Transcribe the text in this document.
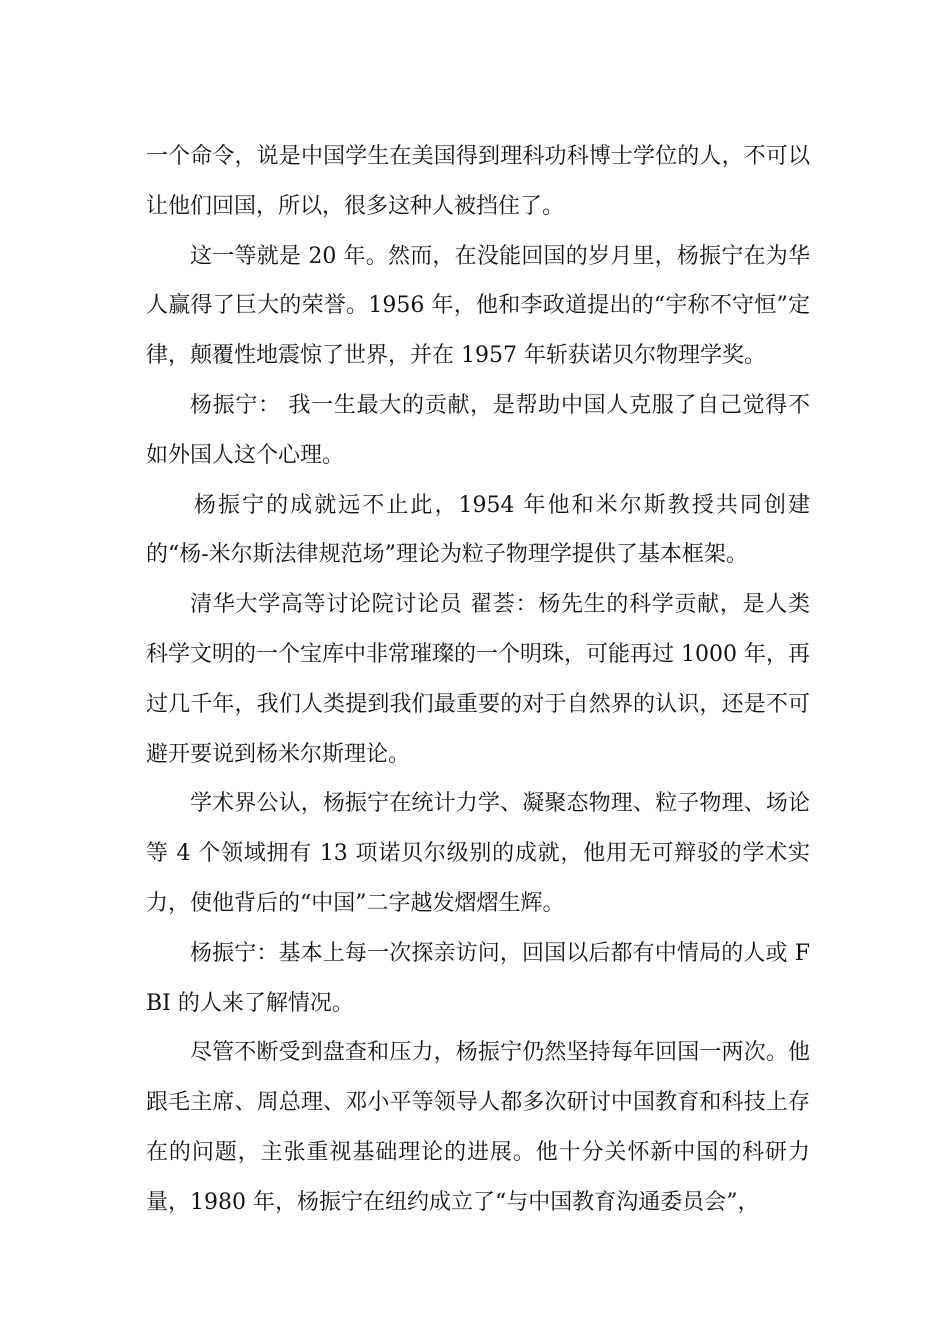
一个命令，说是中国学生在美国得到理科功科博士学位的人，不可以让他们回国，所以，很多这种人被挡住了。

这一等就是 20 年。然而，在没能回国的岁月里，杨振宁在为华人赢得了巨大的荣誉。1956 年，他和李政道提出的“宇称不守恒”定律，颠覆性地震惊了世界，并在 1957 年斩获诺贝尔物理学奖。

杨振宁： 我一生最大的贡献，是帮助中国人克服了自己觉得不如外国人这个心理。

杨振宁的成就远不止此，1954 年他和米尔斯教授共同创建的“杨-米尔斯法律规范场”理论为粒子物理学提供了基本框架。

清华大学高等讨论院讨论员 翟荟：杨先生的科学贡献，是人类科学文明的一个宝库中非常璀璨的一个明珠，可能再过 1000 年，再过几千年，我们人类提到我们最重要的对于自然界的认识，还是不可避开要说到杨米尔斯理论。

学术界公认，杨振宁在统计力学、凝聚态物理、粒子物理、场论等 4 个领域拥有 13 项诺贝尔级别的成就，他用无可辩驳的学术实力，使他背后的“中国”二字越发熠熠生辉。

杨振宁：基本上每一次探亲访问，回国以后都有中情局的人或 FBI 的人来了解情况。

尽管不断受到盘查和压力，杨振宁仍然坚持每年回国一两次。他跟毛主席、周总理、邓小平等领导人都多次研讨中国教育和科技上存在的问题，主张重视基础理论的进展。他十分关怀新中国的科研力量，1980 年，杨振宁在纽约成立了“与中国教育沟通委员会”，
